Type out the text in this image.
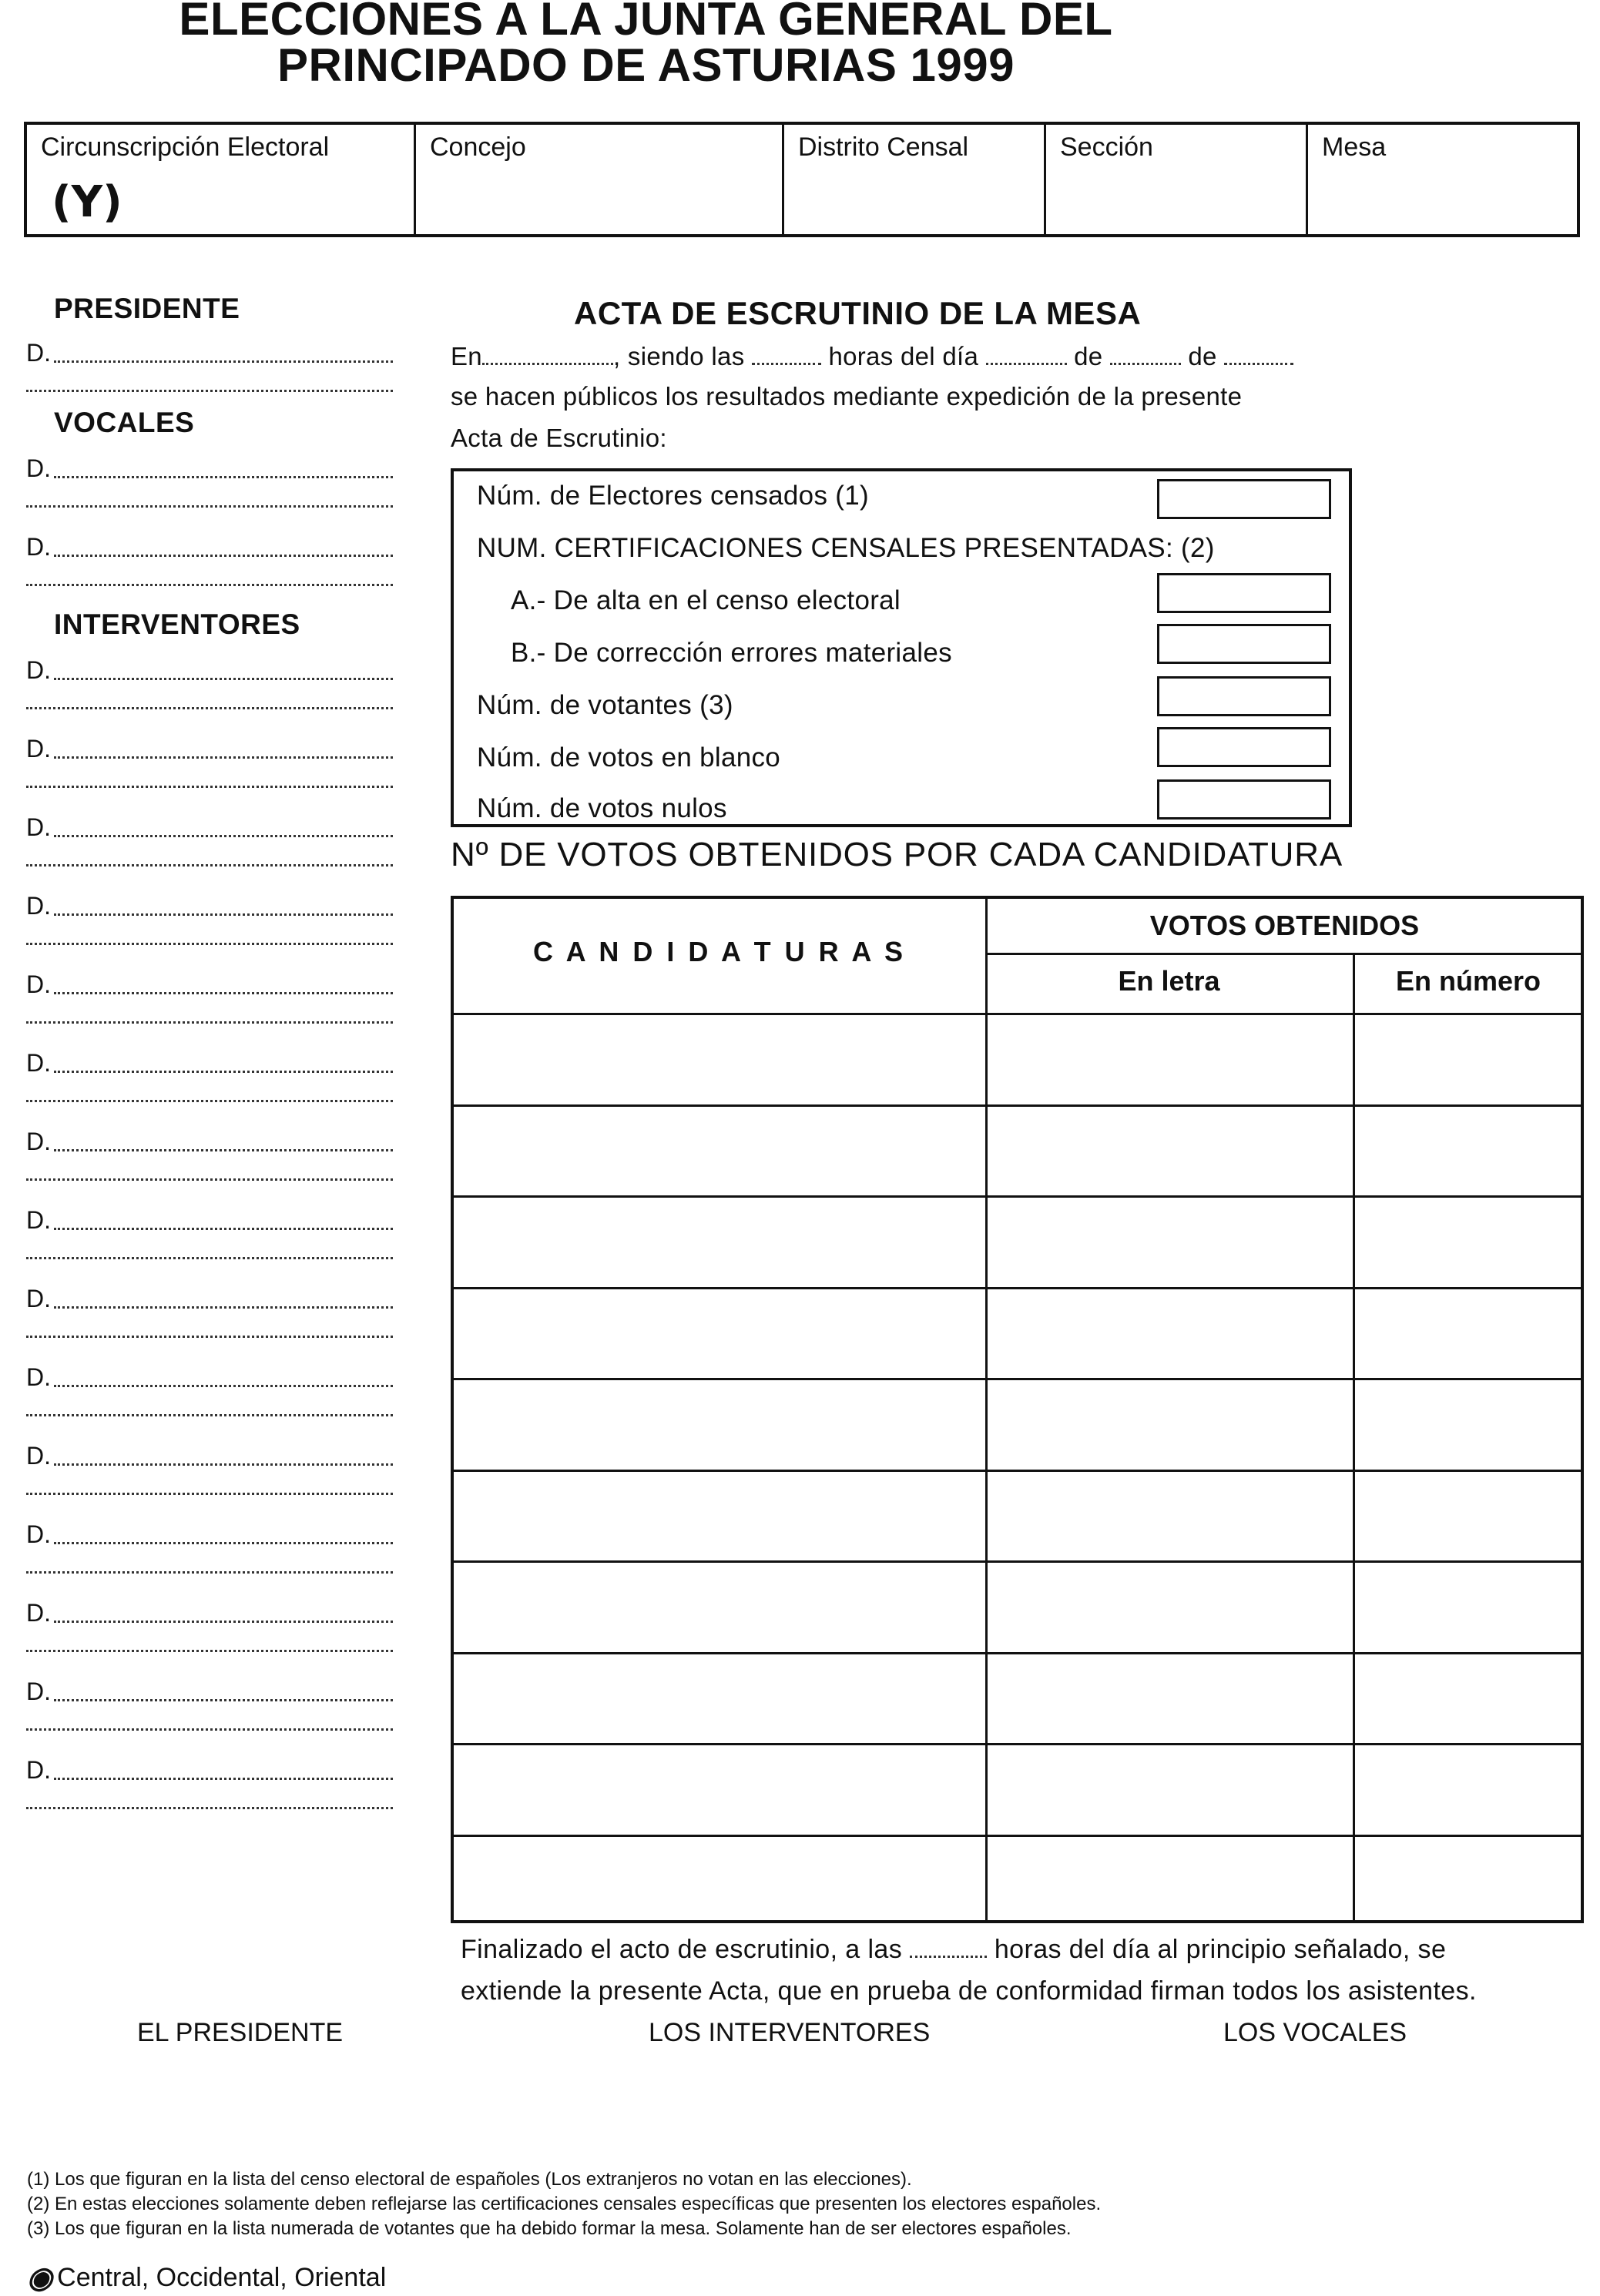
ELECCIONES A LA JUNTA GENERAL DEL
PRINCIPADO DE ASTURIAS 1999
Circunscripción Electoral
(Y)
Concejo	Distrito Censal	Sección	Mesa
PRESIDENTE
D.
VOCALES
D.
D.
INTERVENTORES
D.
D.
D.
D.
D.
D.
D.
D.
D.
D.
D.
D.
D.
D.
D.
ACTA DE ESCRUTINIO DE LA MESA
En	, siendo las	horas del día	de	de
se hacen públicos los resultados mediante expedición de la presente
Acta de Escrutinio:
Núm. de Electores censados (1)
NUM. CERTIFICACIONES CENSALES PRESENTADAS: (2)
A.- De alta en el censo electoral
B.- De corrección errores materiales
Núm. de votantes (3)
Núm. de votos en blanco
Núm. de votos nulos
Nº DE VOTOS OBTENIDOS POR CADA CANDIDATURA
C A N D I D A T U R A S
VOTOS OBTENIDOS
En letra	En número
Finalizado el acto de escrutinio, a las	horas del día al principio señalado, se
extiende la presente Acta, que en prueba de conformidad firman todos los asistentes.
EL PRESIDENTE	LOS INTERVENTORES	LOS VOCALES
(1) Los que figuran en la lista del censo electoral de españoles (Los extranjeros no votan en las elecciones).
(2) En estas elecciones solamente deben reflejarse las certificaciones censales específicas que presenten los electores españoles.
(3) Los que figuran en la lista numerada de votantes que ha debido formar la mesa. Solamente han de ser electores españoles.
◉ Central, Occidental, Oriental
